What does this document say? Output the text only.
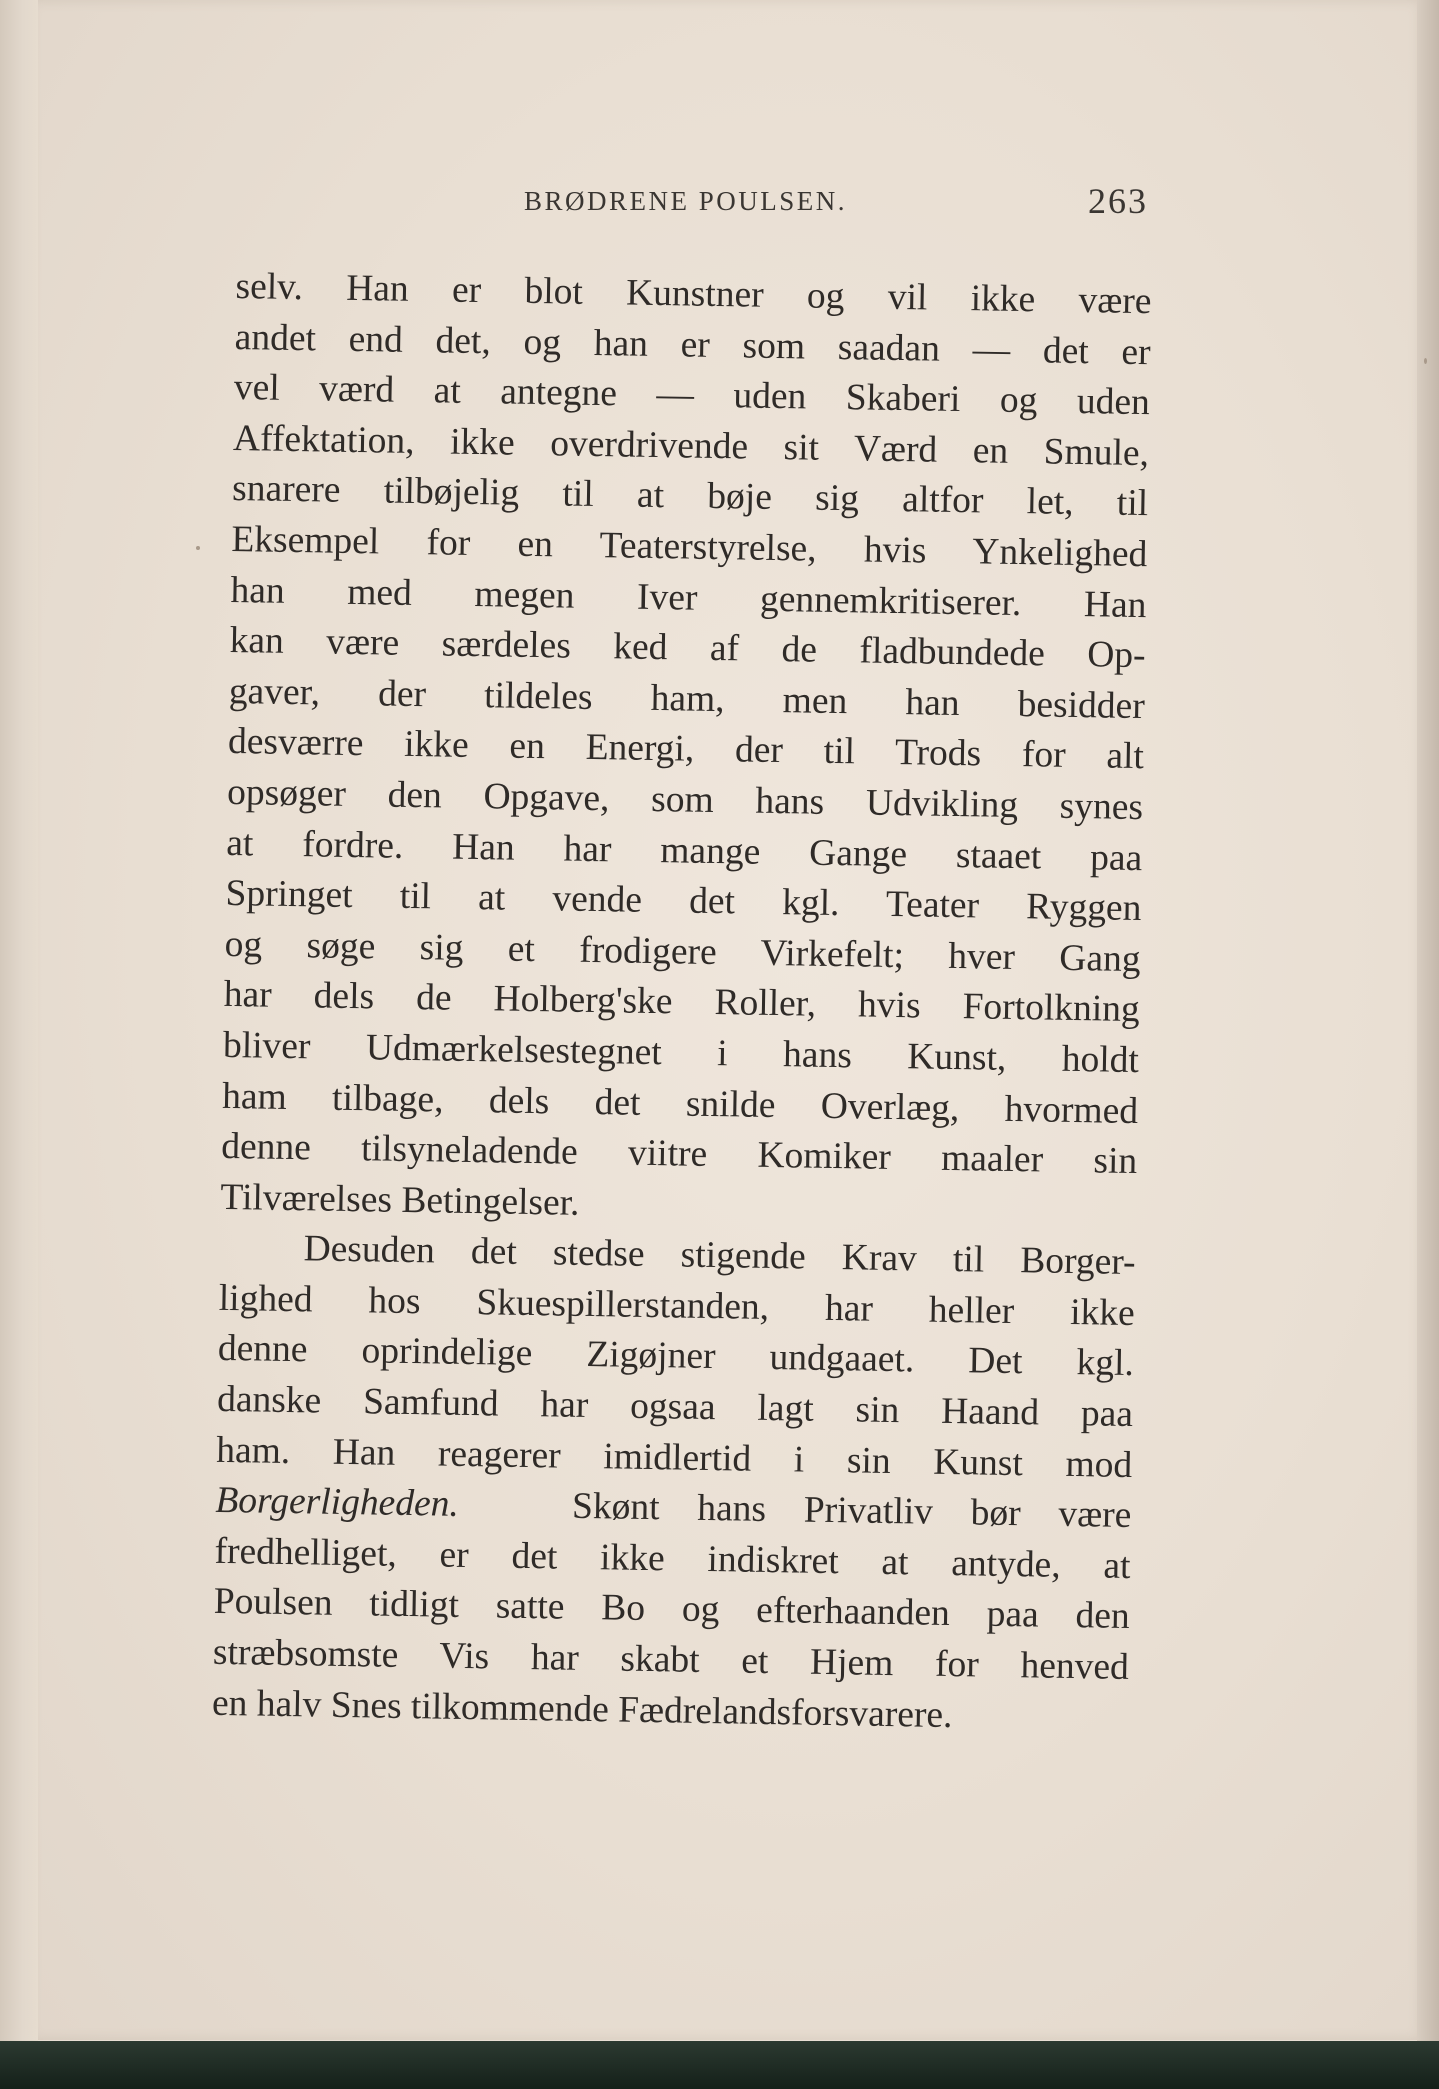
BRØDRENE POULSEN.	263
selv. Han er blot Kunstner og vil ikke være
andet end det, og han er som saadan — det er
vel værd at antegne — uden Skaberi og uden
Affektation, ikke overdrivende sit Værd en Smule,
snarere tilbøjelig til at bøje sig altfor let, til
Eksempel for en Teaterstyrelse, hvis Ynkelighed
han med megen Iver gennemkritiserer. Han
kan være særdeles ked af de fladbundede Op-
gaver, der tildeles ham, men han besidder
desværre ikke en Energi, der til Trods for alt
opsøger den Opgave, som hans Udvikling synes
at fordre. Han har mange Gange staaet paa
Springet til at vende det kgl. Teater Ryggen
og søge sig et frodigere Virkefelt; hver Gang
har dels de Holberg'ske Roller, hvis Fortolkning
bliver Udmærkelsestegnet i hans Kunst, holdt
ham tilbage, dels det snilde Overlæg, hvormed
denne tilsyneladende viitre Komiker maaler sin
Tilværelses Betingelser.
Desuden det stedse stigende Krav til Borger-
lighed hos Skuespillerstanden, har heller ikke
denne oprindelige Zigøjner undgaaet. Det kgl.
danske Samfund har ogsaa lagt sin Haand paa
ham. Han reagerer imidlertid i sin Kunst mod
Borgerligheden.	Skønt hans Privatliv bør være
fredhelliget, er det ikke indiskret at antyde, at
Poulsen tidligt satte Bo og efterhaanden paa den
stræbsomste Vis har skabt et Hjem for henved
en halv Snes tilkommende Fædrelandsforsvarere.
